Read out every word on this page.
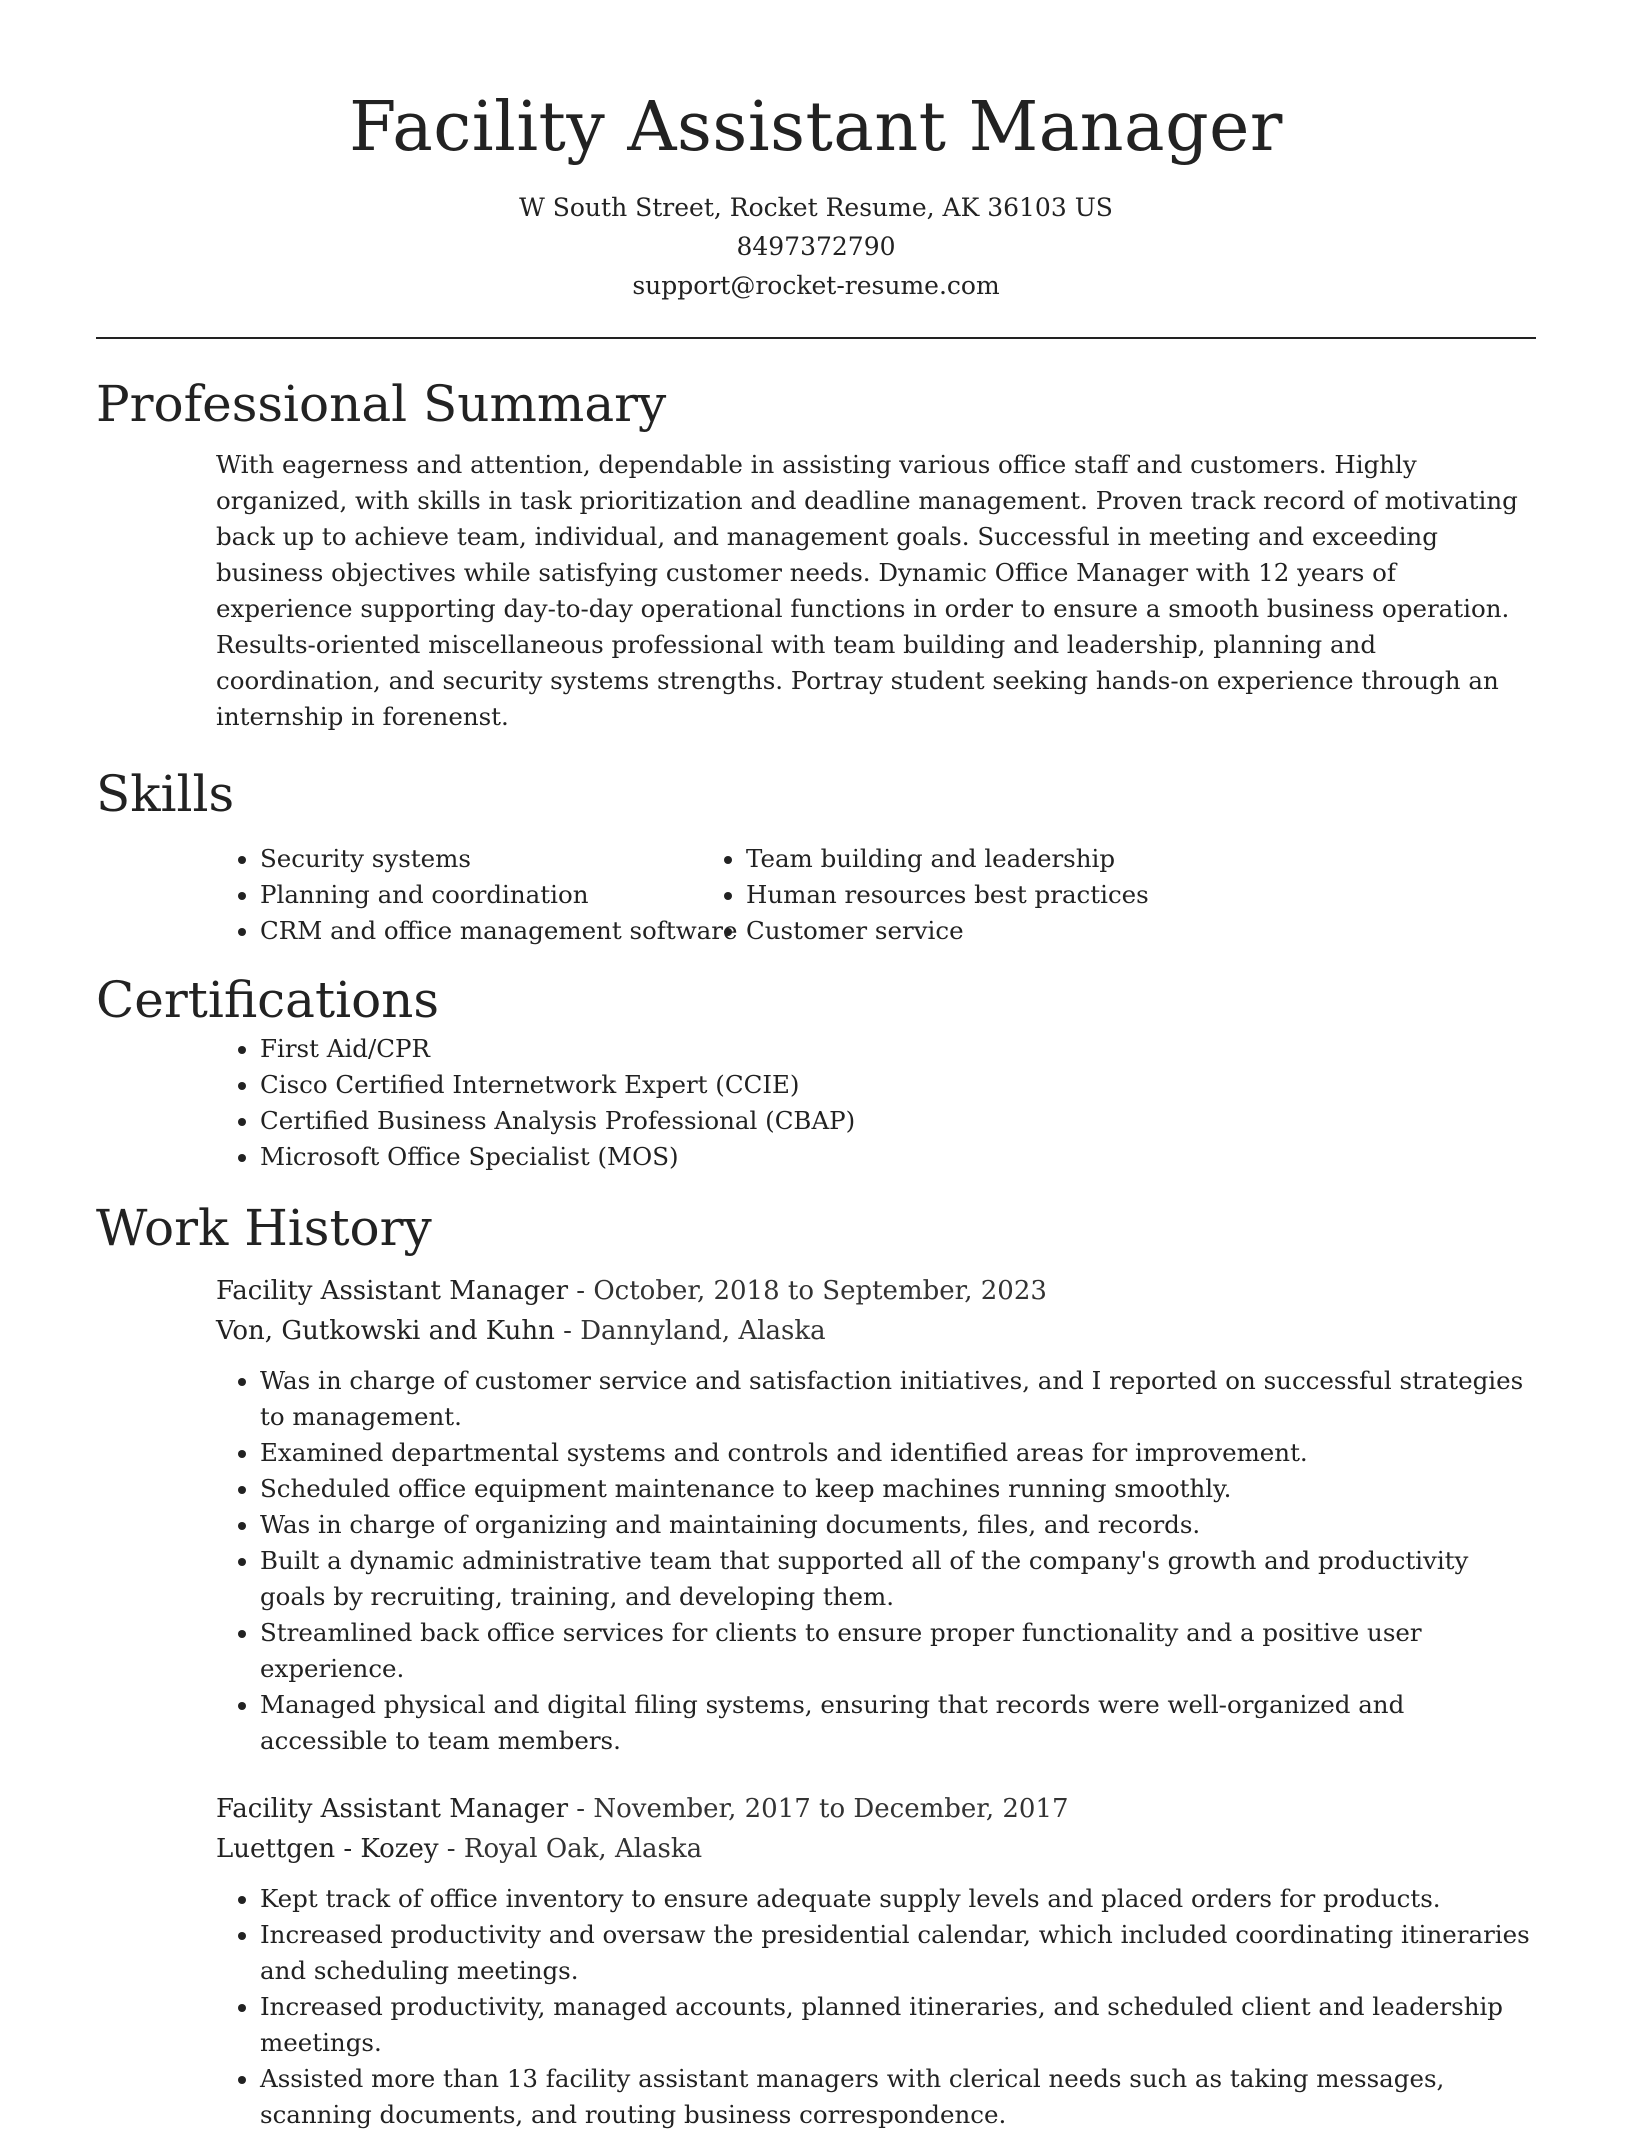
Facility Assistant Manager
W South Street, Rocket Resume, AK 36103 US
8497372790
support@rocket-resume.com
Professional Summary

With eagerness and attention, dependable in assisting various office staff and customers. Highly organized, with skills in task prioritization and deadline management. Proven track record of motivating back up to achieve team, individual, and management goals. Successful in meeting and exceeding business objectives while satisfying customer needs. Dynamic Office Manager with 12 years of experience supporting day-to-day operational functions in order to ensure a smooth business operation. Results-oriented miscellaneous professional with team building and leadership, planning and coordination, and security systems strengths. Portray student seeking hands-on experience through an internship in forenenst.

Skills
• Security systems
• Planning and coordination
• CRM and office management software
• Team building and leadership
• Human resources best practices
• Customer service
Certifications
• First Aid/CPR
• Cisco Certified Internetwork Expert (CCIE)
• Certified Business Analysis Professional (CBAP)
• Microsoft Office Specialist (MOS)
Work History
Facility Assistant Manager - October, 2018 to September, 2023
Von, Gutkowski and Kuhn - Dannyland, Alaska
• Was in charge of customer service and satisfaction initiatives, and I reported on successful strategies to management.
• Examined departmental systems and controls and identified areas for improvement.
• Scheduled office equipment maintenance to keep machines running smoothly.
• Was in charge of organizing and maintaining documents, files, and records.
• Built a dynamic administrative team that supported all of the company's growth and productivity goals by recruiting, training, and developing them.
• Streamlined back office services for clients to ensure proper functionality and a positive user experience.
• Managed physical and digital filing systems, ensuring that records were well-organized and accessible to team members.
Facility Assistant Manager - November, 2017 to December, 2017
Luettgen - Kozey - Royal Oak, Alaska
• Kept track of office inventory to ensure adequate supply levels and placed orders for products.
• Increased productivity and oversaw the presidential calendar, which included coordinating itineraries and scheduling meetings.
• Increased productivity, managed accounts, planned itineraries, and scheduled client and leadership meetings.
• Assisted more than 13 facility assistant managers with clerical needs such as taking messages, scanning documents, and routing business correspondence.
